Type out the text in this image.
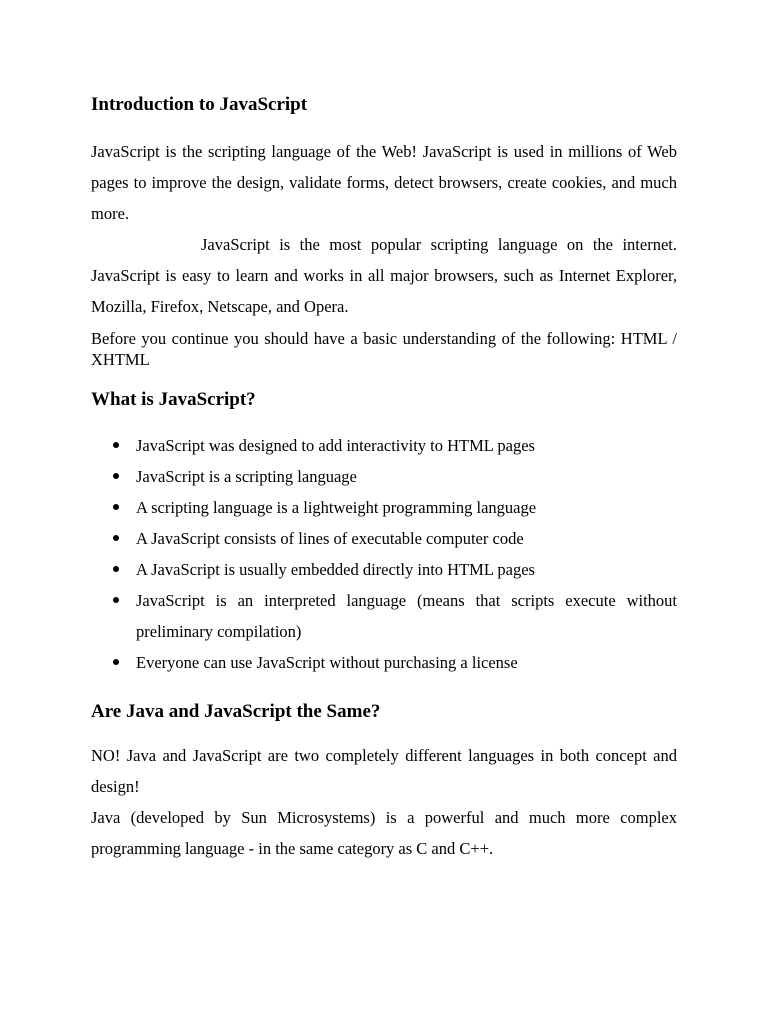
Introduction to JavaScript

JavaScript is the scripting language of the Web! JavaScript is used in millions of Web pages to improve the design, validate forms, detect browsers, create cookies, and much more.

JavaScript is the most popular scripting language on the internet. JavaScript is easy to learn and works in all major browsers, such as Internet Explorer, Mozilla, Firefox, Netscape, and Opera.

Before you continue you should have a basic understanding of the following: HTML / XHTML

What is JavaScript?
JavaScript was designed to add interactivity to HTML pages
JavaScript is a scripting language
A scripting language is a lightweight programming language
A JavaScript consists of lines of executable computer code
A JavaScript is usually embedded directly into HTML pages
JavaScript is an interpreted language (means that scripts execute without preliminary compilation)
Everyone can use JavaScript without purchasing a license
Are Java and JavaScript the Same?

NO! Java and JavaScript are two completely different languages in both concept and design!

Java (developed by Sun Microsystems) is a powerful and much more complex programming language - in the same category as C and C++.
